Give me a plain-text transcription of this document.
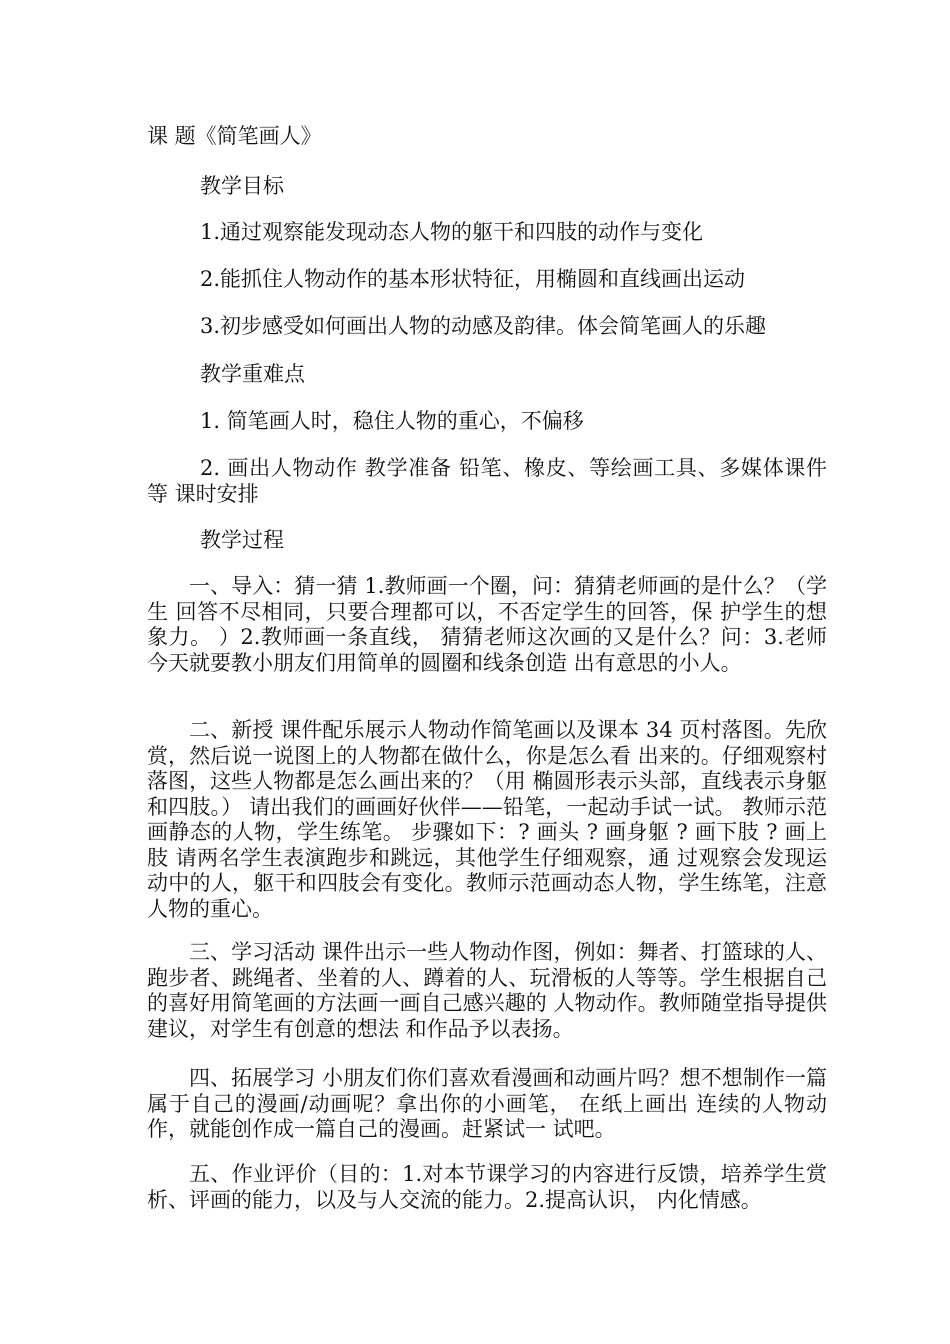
课 题《简笔画人》
教学目标
1.通过观察能发现动态人物的躯干和四肢的动作与变化
2.能抓住人物动作的基本形状特征，用椭圆和直线画出运动
3.初步感受如何画出人物的动感及韵律。体会简笔画人的乐趣
教学重难点
1. 简笔画人时，稳住人物的重心，不偏移
2. 画出人物动作 教学准备 铅笔、橡皮、等绘画工具、多媒体课件等 课时安排
教学过程
一、导入：猜一猜 1.教师画一个圈，问：猜猜老师画的是什么？（学生 回答不尽相同，只要合理都可以，不否定学生的回答，保 护学生的想象力。 ）2.教师画一条直线， 猜猜老师这次画的又是什么？问：3.老师今天就要教小朋友们用简单的圆圈和线条创造 出有意思的小人。
二、新授 课件配乐展示人物动作简笔画以及课本 34 页村落图。先欣赏，然后说一说图上的人物都在做什么，你是怎么看 出来的。仔细观察村落图，这些人物都是怎么画出来的？（用 椭圆形表示头部，直线表示身躯和四肢。） 请出我们的画画好伙伴——铅笔，一起动手试一试。 教师示范画静态的人物，学生练笔。 步骤如下：? 画头 ? 画身躯 ? 画下肢 ? 画上肢 请两名学生表演跑步和跳远，其他学生仔细观察，通 过观察会发现运动中的人，躯干和四肢会有变化。教师示范画动态人物，学生练笔，注意人物的重心。
三、学习活动 课件出示一些人物动作图，例如：舞者、打篮球的人、跑步者、跳绳者、坐着的人、蹲着的人、玩滑板的人等等。学生根据自己的喜好用简笔画的方法画一画自己感兴趣的 人物动作。教师随堂指导提供建议，对学生有创意的想法 和作品予以表扬。
四、拓展学习 小朋友们你们喜欢看漫画和动画片吗？想不想制作一篇属于自己的漫画/动画呢？拿出你的小画笔， 在纸上画出 连续的人物动作，就能创作成一篇自己的漫画。赶紧试一 试吧。
五、作业评价（目的：1.对本节课学习的内容进行反馈，培养学生赏析、评画的能力，以及与人交流的能力。2.提高认识， 内化情感。
